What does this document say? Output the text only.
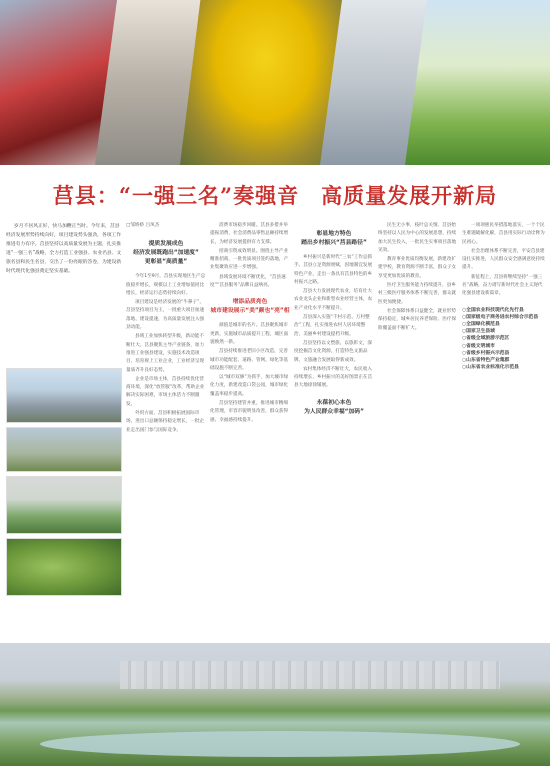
莒县：“一强三名”奏强音 高质量发展开新局
岁月不居风正好，快马加鞭正当时。今年来，莒县经济发展形势持续向好，项目建设势头强劲，各项工作推进有力有序。莒县坚持以高质量发展为主题，扎实推进“一强三名”战略，全力打造工业强县、农业名县、文旅名县和民生名县，交出了一份亮眼的答卷，为建设新时代现代化强县奠定坚实基础。
□邹娇娇 吕凤杰
提质发展成色
经济发展既跑出“加速度”
更彰显“高质量”

今年1至9月，莒县实现地区生产总值稳步增长，规模以上工业增加值同比增长，经济运行态势持续向好。

项目建设是经济发展的“牛鼻子”。莒县坚持项目为王，一批重大项目加速落地、建设提速，为高质量发展注入强劲动能。

县域工业加快转型升级，新动能不断壮大。莒县聚焦主导产业链条，加力推进工业强县建设，实施技术改造项目，培育规上工业企业，工业经济呈现量质齐升良好态势。

企业是市场主体，莒县持续优化营商环境，深化“放管服”改革，帮助企业解决实际困难，市场主体活力不断激发。

外贸方面，莒县积极拓展国际市场，进出口总额保持稳定增长，一批企业走出国门参与国际竞争。

消费市场稳步回暖。莒县多措并举提振消费，社会消费品零售总额持续增长，为经济发展提供有力支撑。

招商引资成效明显。围绕主导产业精准招商，一批优质项目签约落地，产业集聚效应进一步增强。

县域发展环境不断优化，“莒县速度”“莒县服务”品牌日益响亮。

增添品质亮色
城市建设展示“美”颜也“亮”相

颜值是城市的名片。莒县聚焦城市更新，实施城市品质提升工程，城区面貌焕然一新。

莒县持续推进老旧小区改造，完善城市功能配套，道路、管网、绿化等基础设施不断完善。

以“城市双修”为抓手，加大城市绿化力度，新建改造口袋公园，城市绿化覆盖率稳步提高。

莒县坚持建管并重，推进城市精细化管理，市容市貌明显改善，群众获得感、幸福感持续提升。

彰显地方特色
踏出乡村振兴“莒县路径”

乡村振兴是新时代“三农”工作总抓手。莒县立足资源禀赋，因地制宜发展特色产业，走出一条具有莒县特色的乡村振兴之路。

莒县大力发展现代农业，培育壮大农业龙头企业和新型农业经营主体，农业产业化水平不断提升。

莒县深入实施“千村示范、万村整治”工程，扎实推进农村人居环境整治，美丽乡村建设提档升级。

莒县坚持以文塑旅、以旅彰文，深度挖掘莒文化资源，打造特色文旅品牌，文旅融合发展取得新成效。

农村集体经济不断壮大，农民收入持续增长，乡村振兴的美好图景正在莒县大地徐徐铺展。

永葆初心本色
为人民群众幸福“加码”

民生无小事，枝叶总关情。莒县始终坚持以人民为中心的发展思想，持续加大民生投入，一批民生实事项目落地见效。

教育事业优质均衡发展，新建改扩建学校，教育资源不断丰富，群众子女享受更加优质的教育。

医疗卫生服务能力持续提升，县乡村三级医疗服务体系不断完善，群众就医更加便捷。

社会保障体系日益健全，就业形势保持稳定，城乡居民养老保险、医疗保险覆盖面不断扩大。

一项项惠民举措落地落实，一个个民生难题破解化解，莒县用实际行动诠释为民初心。

社会治理体系不断完善，平安莒县建设扎实推进，人民群众安全感满意度持续提升。

新征程上，莒县将继续坚持“一强三名”战略，奋力谱写新时代社会主义现代化强县建设新篇章。

○全国农业科技现代化先行县
○国家级电子商务进农村综合示范县
○全国绿化模范县
○国家卫生县城
○省级全域旅游示范区
○省级文明城市
○省级乡村振兴示范县
○山东省特色产业集群
○山东省农业标准化示范县
